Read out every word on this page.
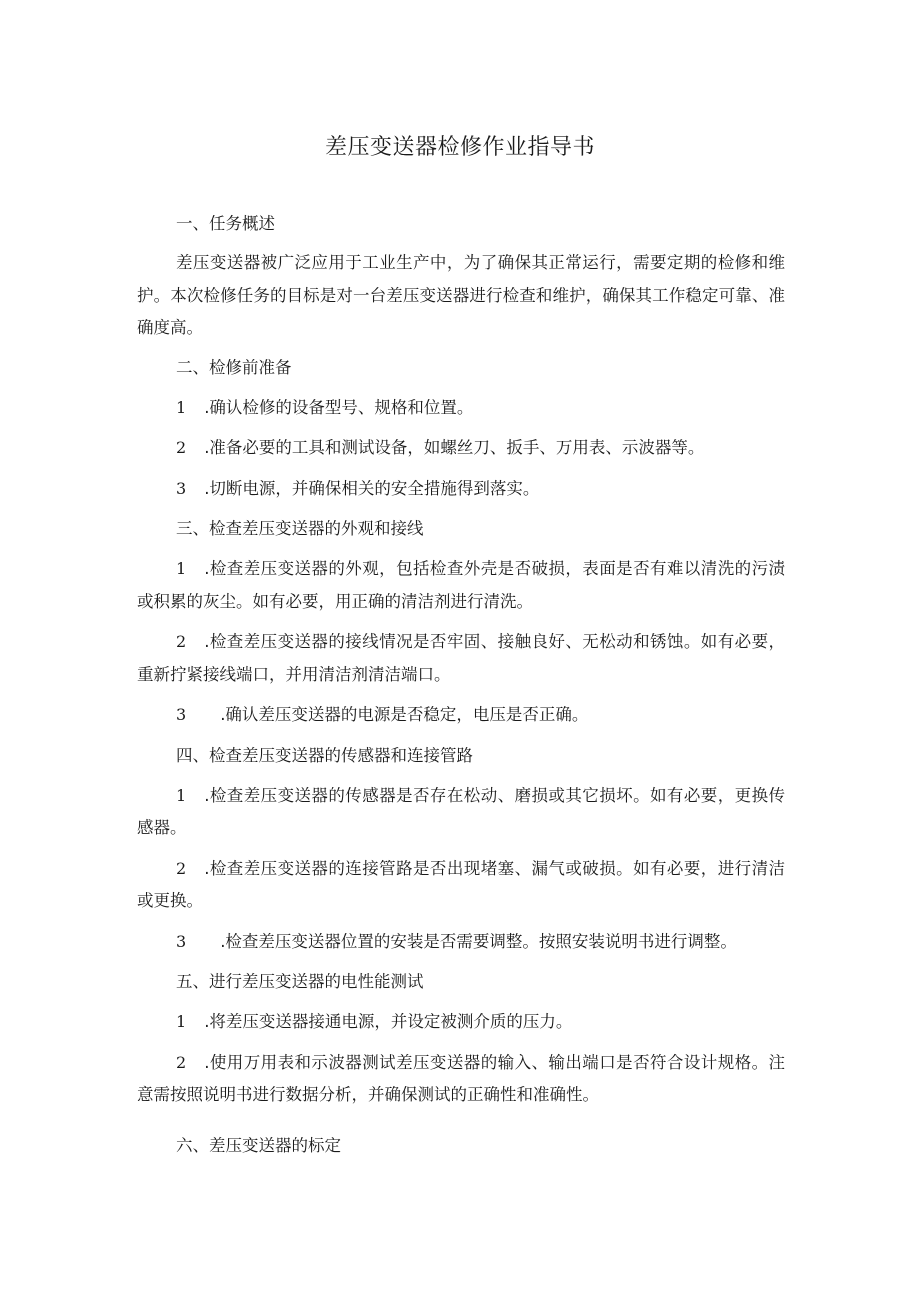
差压变送器检修作业指导书

一、任务概述

差压变送器被广泛应用于工业生产中，为了确保其正常运行，需要定期的检修和维护。本次检修任务的目标是对一台差压变送器进行检查和维护，确保其工作稳定可靠、准确度高。

二、检修前准备

1 .确认检修的设备型号、规格和位置。

2 .准备必要的工具和测试设备，如螺丝刀、扳手、万用表、示波器等。

3 .切断电源，并确保相关的安全措施得到落实。

三、检查差压变送器的外观和接线

1 .检查差压变送器的外观，包括检查外壳是否破损，表面是否有难以清洗的污渍或积累的灰尘。如有必要，用正确的清洁剂进行清洗。

2 .检查差压变送器的接线情况是否牢固、接触良好、无松动和锈蚀。如有必要，重新拧紧接线端口，并用清洁剂清洁端口。

3 .确认差压变送器的电源是否稳定，电压是否正确。

四、检查差压变送器的传感器和连接管路

1 .检查差压变送器的传感器是否存在松动、磨损或其它损坏。如有必要，更换传感器。

2 .检查差压变送器的连接管路是否出现堵塞、漏气或破损。如有必要，进行清洁或更换。

3 .检查差压变送器位置的安装是否需要调整。按照安装说明书进行调整。

五、进行差压变送器的电性能测试

1 .将差压变送器接通电源，并设定被测介质的压力。

2 .使用万用表和示波器测试差压变送器的输入、输出端口是否符合设计规格。注意需按照说明书进行数据分析，并确保测试的正确性和准确性。

六、差压变送器的标定
